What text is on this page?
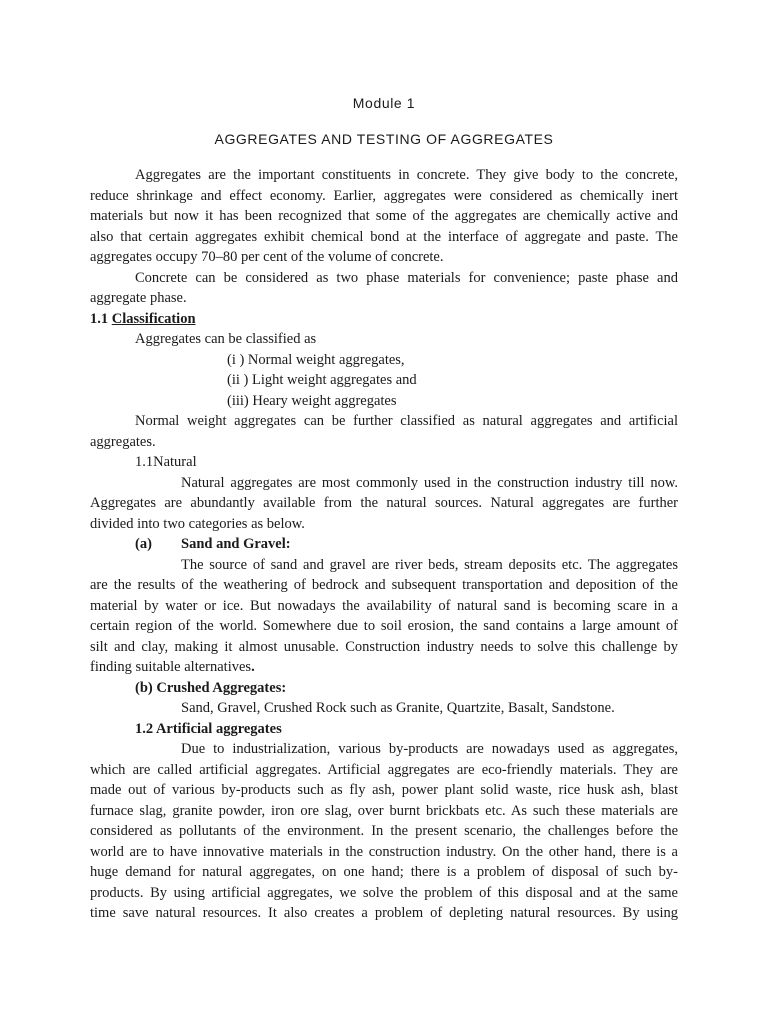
Module 1
AGGREGATES AND TESTING OF AGGREGATES
Aggregates are the important constituents in concrete. They give body to the concrete,
reduce shrinkage and effect economy. Earlier, aggregates were considered as chemically inert
materials but now it has been recognized that some of the aggregates are chemically active and
also that certain aggregates exhibit chemical bond at the interface of aggregate and paste. The
aggregates occupy 70–80 per cent of the volume of concrete.
Concrete can be considered as two phase materials for convenience; paste phase and
aggregate phase.
1.1 Classification
Aggregates can be classified as
(i ) Normal weight aggregates,
(ii ) Light weight aggregates and
(iii) Heary weight aggregates
Normal weight aggregates can be further classified as natural aggregates and artificial
aggregates.
1.1Natural
Natural aggregates are most commonly used in the construction industry till now.
Aggregates are abundantly available from the natural sources. Natural aggregates are further
divided into two categories as below.
(a)	Sand and Gravel:
The source of sand and gravel are river beds, stream deposits etc. The aggregates
are the results of the weathering of bedrock and subsequent transportation and deposition of the
material by water or ice. But nowadays the availability of natural sand is becoming scare in a
certain region of the world. Somewhere due to soil erosion, the sand contains a large amount of
silt and clay, making it almost unusable. Construction industry needs to solve this challenge by
finding suitable alternatives.
(b) Crushed Aggregates:
Sand, Gravel, Crushed Rock such as Granite, Quartzite, Basalt, Sandstone.
1.2 Artificial aggregates
Due to industrialization, various by-products are nowadays used as aggregates,
which are called artificial aggregates. Artificial aggregates are eco-friendly materials. They are
made out of various by-products such as fly ash, power plant solid waste, rice husk ash, blast
furnace slag, granite powder, iron ore slag, over burnt brickbats etc. As such these materials are
considered as pollutants of the environment. In the present scenario, the challenges before the
world are to have innovative materials in the construction industry. On the other hand, there is a
huge demand for natural aggregates, on one hand; there is a problem of disposal of such by-
products. By using artificial aggregates, we solve the problem of this disposal and at the same
time save natural resources. It also creates a problem of depleting natural resources. By using
